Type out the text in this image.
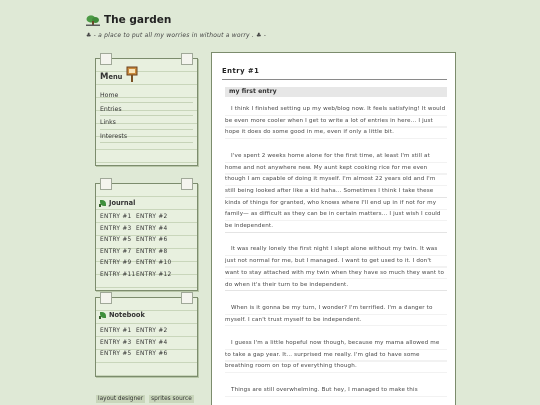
The garden
♣ - a place to put all my worries in without a worry . ♣ -
Menu
Home
Entries
Links
Interests
Journal
ENTRY #1 ENTRY #2
ENTRY #3 ENTRY #4
ENTRY #5 ENTRY #6
ENTRY #7 ENTRY #8
ENTRY #9 ENTRY #10
ENTRY #11 ENTRY #12
Notebook
ENTRY #1 ENTRY #2
ENTRY #3 ENTRY #4
ENTRY #5 ENTRY #6
layout designer	sprites source
Entry #1
my first entry

I think I finished setting up my web/blog now. It feels satisfying! It would be even more cooler when I get to write a lot of entries in here... I just hope it does do some good in me, even if only a little bit.

I've spent 2 weeks home alone for the first time, at least I'm still at home and not anywhere new. My aunt kept cooking rice for me even though I am capable of doing it myself. I'm almost 22 years old and I'm still being looked after like a kid haha... Sometimes I think I take these kinds of things for granted, who knows where I'll end up in if not for my family— as difficult as they can be in certain matters... I just wish I could be independent.

It was really lonely the first night I slept alone without my twin. It was just not normal for me, but I managed. I want to get used to it. I don't want to stay attached with my twin when they have so much they want to do when it's their turn to be independent.

When is it gonna be my turn, I wonder? I'm terrified. I'm a danger to myself. I can't trust myself to be independent.

I guess I'm a little hopeful now though, because my mama allowed me to take a gap year. It... surprised me really. I'm glad to have some breathing room on top of everything though.

Things are still overwhelming. But hey, I managed to make this
